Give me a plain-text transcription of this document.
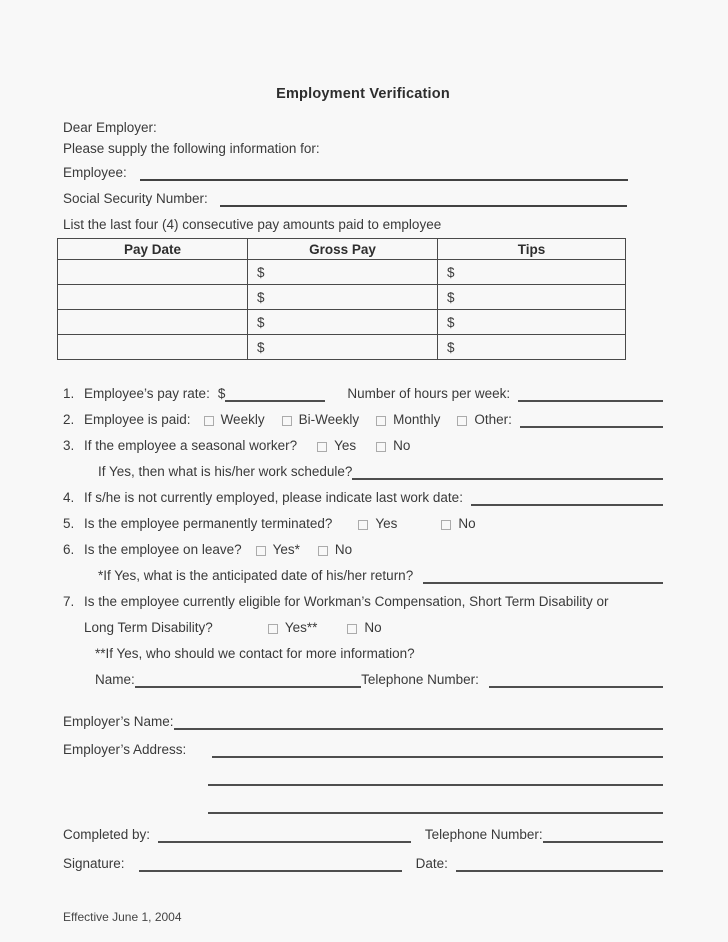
Employment Verification

Dear Employer:

Please supply the following information for:

Employee:
Social Security Number:

List the last four (4) consecutive pay amounts paid to employee

Pay Date	Gross Pay	Tips
	$	$
	$	$
	$	$
	$	$
1. Employee’s pay rate: $	Number of hours per week:
2. Employee is paid: Weekly	Bi-Weekly	Monthly	Other:
3. If the employee a seasonal worker?	Yes	No
If Yes, then what is his/her work schedule?
4. If s/he is not currently employed, please indicate last work date:
5. Is the employee permanently terminated?	Yes	No
6. Is the employee on leave? Yes*	No
*If Yes, what is the anticipated date of his/her return?
7. Is the employee currently eligible for Workman’s Compensation, Short Term Disability or
Long Term Disability?	Yes**	No
**If Yes, who should we contact for more information?
Name:	Telephone Number:
Employer’s Name:
Employer’s Address:
Completed by:	Telephone Number:
Signature:	Date:

Effective June 1, 2004
